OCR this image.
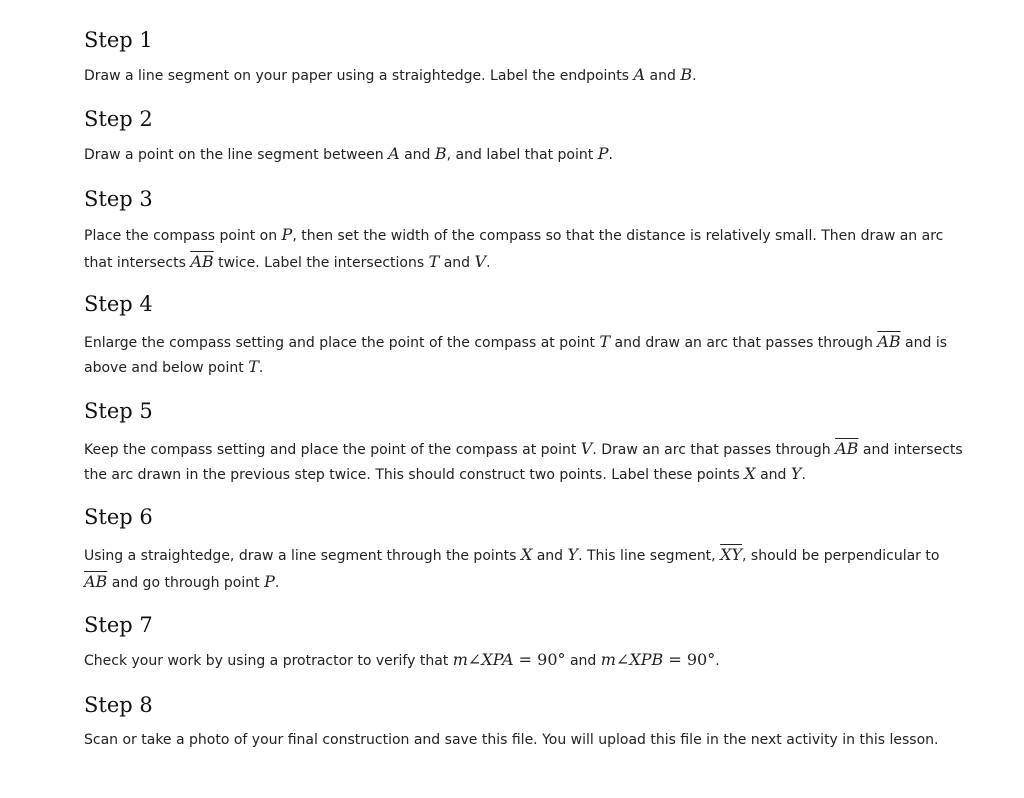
Step 1

Draw a line segment on your paper using a straightedge. Label the endpoints A and B.

Step 2

Draw a point on the line segment between A and B, and label that point P.

Step 3

Place the compass point on P, then set the width of the compass so that the distance is relatively small. Then draw an arc that intersects $\overline{AB}$ twice. Label the intersections T and V.

Step 4

Enlarge the compass setting and place the point of the compass at point T and draw an arc that passes through $\overline{AB}$ and is above and below point T.

Step 5

Keep the compass setting and place the point of the compass at point V. Draw an arc that passes through $\overline{AB}$ and intersects the arc drawn in the previous step twice. This should construct two points. Label these points X and Y.

Step 6

Using a straightedge, draw a line segment through the points X and Y. This line segment, $\overline{XY}$, should be perpendicular to $\overline{AB}$ and go through point P.

Step 7

Check your work by using a protractor to verify that m∠XPA = 90° and m∠XPB = 90°.

Step 8

Scan or take a photo of your final construction and save this file. You will upload this file in the next activity in this lesson.
